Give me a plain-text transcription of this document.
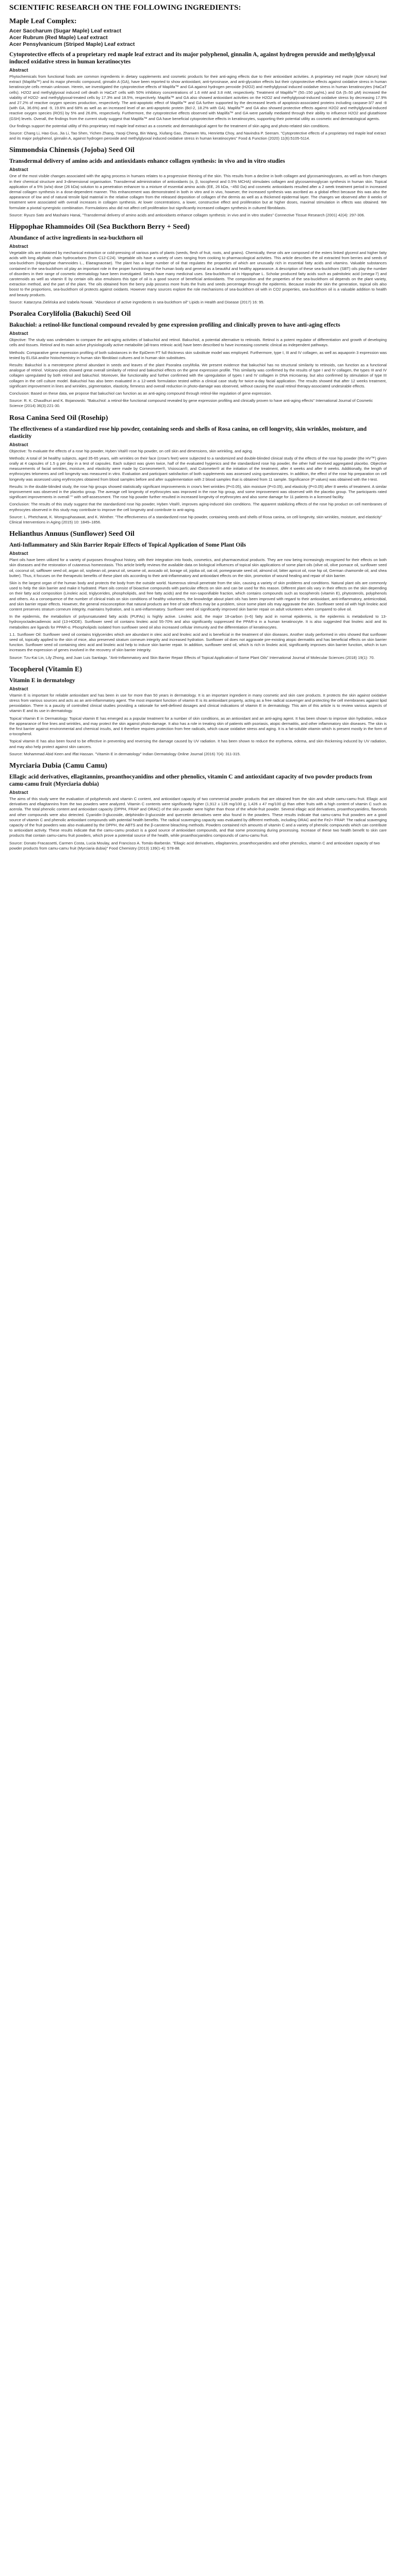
SCIENTIFIC RESEARCH ON THE FOLLOWING INGREDIENTS:
Maple Leaf Complex:
Acer Saccharum (Sugar Maple) Leaf extract
Acer Rubrum (Red Maple) Leaf extract
Acer Pensylvanicum (Striped Maple) Leaf extract
Cytoprotective effects of a proprietary red maple leaf extract and its major polyphenol, ginnalin A, against hydrogen peroxide and methylglyoxal induced oxidative stress in human keratinocytes
Abstract

Phytochemicals from functional foods are common ingredients in dietary supplements and cosmetic products for their anti-aging effects due to their antioxidant activities. A proprietary red maple (Acer rubrum) leaf extract (Maplifa™) and its major phenolic compound, ginnalin A (GA), have been reported to show antioxidant, anti-tyrosinase, and anti-glycation effects but their cytoprotective effects against oxidative stress in human keratinocyte cells remain unknown. Herein, we investigated the cytoprotective effects of Maplifa™ and GA against hydrogen peroxide (H2O2) and methylglyoxal induced oxidative stress in human keratinocytes (HaCaT cells). H2O2 and methylglyoxal induced cell death in HaCaT cells with 50% inhibitory concentrations of 1.6 mM and 3.8 mM, respectively. Treatment of Maplifa™ (50–150 μg/mL) and GA (5–50 μM) increased the viability of H2O2- and methylglyoxal-treated cells by 17.3% and 18.5%, respectively. Maplifa™ and GA also showed antioxidant activities on the H2O2 and methylglyoxal-induced oxidative stress by decreasing 17.9% and 27.2% of reactive oxygen species production, respectively. The anti-apoptotic effect of Maplifa™ and GA further supported by the decreased levels of apoptosis-associated proteins including caspase-3/7 and -8 (with GA, 36.6%) and -9, 19.6% and 68% as well as an increased level of an anti-apoptotic protein (Bcl-2, 18.2% with GA). Maplifa™ and GA also showed protective effects against H2O2 and methylglyoxal-induced reactive oxygen species (ROS) by 5% and 26.8%, respectively. Furthermore, the cytoprotective effects observed with Maplifa™ and GA were partially mediated through their ability to influence H2O2 and glutathione (GSH) levels. Overall, the findings from the current study suggest that Maplifa™ and GA have beneficial cytoprotective effects in keratinocytes, supporting their potential utility as cosmetic and dermatological agents.

Our findings support the potential utility of this proprietary red maple leaf extract as a cosmetic and dermatological agent for the treatment of skin aging and photo-related skin conditions.

Source: Chang Li, Hao Guo, Jia Li, Tao Shen, Yichen Zhang, Yaoqi Cheng, Bin Wang, Xiufang Gao, Zhanwen Wu, Henrietta Choy, and Navindra P. Seeram. "Cytoprotective effects of a proprietary red maple leaf extract and its major polyphenol, ginnalin A, against hydrogen peroxide and methylglyoxal induced oxidative stress in human keratinocytes" Food & Function (2020) 11(6):5105-5114.

Simmondsia Chinensis (Jojoba) Seed Oil
Transdermal delivery of amino acids and antioxidants enhance collagen synthesis: in vivo and in vitro studies
Abstract

One of the most visible changes associated with the aging process in humans relates to a progressive thinning of the skin. This results from a decline in both collagen and glycosaminoglycans, as well as from changes in their chemical structure and 3-dimensional organisation. Transdermal administration of antioxidants (α, β, tocopherol and 0.5% MCHA) stimulates collagen and glycosaminoglycan synthesis in human skin. Topical application of a 5% (w/w) dose (26 kDa) solution to a penetration enhancer to a mixture of essential amino acids (EE, 26 kDa, ~450 Da) and cosmetic antioxidants resulted after a 2 week treatment period in increased dermal collagen synthesis in a dose-dependent manner. This enhancement was demonstrated in both in vitro and in vivo, however, the increased synthesis was ascribed as a global effect because this was also the appearance of low and of natural tensile lipid material in the relative collagen from the released deposition of collagen of the dermis as well as a thickened epidermal layer. The changes we observed after 8 weeks of treatment were associated with overall increases in collagen synthesis. At lower concentrations, a lower, constructive effect and proliferation but at higher doses, maximal stimulation in effects was obtained. We formulate a pivotal synergistic combination. Formulations also did not affect cell proliferation but significantly increased collagen synthesis in cultured fibroblasts.

Source: Ryuzo Sato and Mashairo Hanai, "Transdermal delivery of amino acids and antioxidants enhance collagen synthesis: in vivo and in vitro studies" Connective Tissue Research (2001) 42(4): 297-306.

Hippophae Rhamnoides Oil (Sea Buckthorn Berry + Seed)
Abundance of active ingredients in sea-buckthorn oil
Abstract

Vegetable oils are obtained by mechanical extraction or cold-pressing of various parts of plants (seeds, flesh of fruit, roots, and grains). Chemically, these oils are composed of the esters linked glycerol and higher fatty acids with long aliphatic chain hydrocarbons (from C12-C24). Vegetable oils have a variety of uses ranging from cooking to pharmacological activities. This article describes the oil extracted from berries and seeds of sea-buckthorn (Hippophae rhamnoides L., Elaeagnaceae). The plant has a large number of oil that regulates the properties of which are unusually rich in essential fatty acids and vitamins. Valuable substances contained in the sea-buckthorn oil play an important role in the proper functioning of the human body and general as a beautiful and healthy appearance. A description of these sea-buckthorn (SBT) oils play the number of disorders in their range of cosmetic dermatology have been investigated. Seeds have many medicinal uses. Sea-buckthorn oil in Hippophae L. Scholar produced fatty acids such as palmitoleic acid (omega-7) and carotenoids as well as vitamin E by certain oils also emulsions this type of oil is a good source of beneficial antioxidants. The composition and the properties of the sea-buckthorn oil depends on the plant variety, extraction method, and the part of the plant. The oils obtained from the berry pulp possess more fruits the fruits and seeds percentage through the epidermis. Because inside the skin the generation, topical oils also boost to the proportions, sea-buckthorn oil protects against oxidants. However many sources explore the role mechanisms of sea-buckthorn oil with in CO2 properties, sea-buckthorn oil is a valuable addition to health and beauty products.

Source: Katarzyna Zielińska and Izabela Nowak. "Abundance of active ingredients in sea-buckthorn oil" Lipids in Health and Disease (2017) 16: 95.

Psoralea Corylifolia (Bakuchi) Seed Oil
Bakuchiol: a retinol-like functional compound revealed by gene expression profiling and clinically proven to have anti-aging effects
Abstract

Objective: The study was undertaken to compare the anti-aging activities of bakuchiol and retinol. Bakuchiol, a potential alternative to retinoids. Retinol is a potent regulator of differentiation and growth of developing cells and tissues. Retinol and its main active physiologically active metabolite (all-trans retinoic acid) have been described to have increasing cosmetic clinical as independent pathways.

Methods: Comparative gene expression profiling of both substances in the EpiDerm FT full thickness skin substitute model was employed. Furthermore, type I, III and IV collagen, as well as aquaporin 3 expression was tested by ELISA and/or histochemistry in human skin fibroblast cultures and in human skin substitutes.

Results: Bakuchiol is a meroterpene phenol abundant in seeds and leaves of the plant Psoralea corylifolia. We present evidence that bakuchiol has no structural similarity to retinoids, can function as a functional analogue of retinol. Volcano-plots showed great overall similarity of retinol and bakuchiol effects on the gene expression profile. This similarity was confirmed by the results of type I and IV collagen, the types III and IV collagen upregulated by both retinol and bakuchiol. Moreover, like functionality and further confirmed with the upregulation of types I and IV collagen in DNA microarray, but also confirmed by stimulation of type III collagen in the cell culture model. Bakuchiol has also been evaluated in a 12-week formulation tested within a clinical case study for twice-a-day facial application. The results showed that after 12 weeks treatment, significant improvement in lines and wrinkles, pigmentation, elasticity, firmness and overall reduction in photo-damage was observed, without causing the usual retinol therapy-associated undesirable effects.

Conclusion: Based on these data, we propose that bakuchiol can function as an anti-aging compound through retinol-like regulation of gene expression.

Source: R. K. Chaudhuri and K. Bojanowski. "Bakuchiol: a retinol-like functional compound revealed by gene expression profiling and clinically proven to have anti-aging effects" International Journal of Cosmetic Science (2014) 36(3):221-30.

Rosa Canina Seed Oil (Rosehip)
The effectiveness of a standardized rose hip powder, containing seeds and shells of Rosa canina, on cell longevity, skin wrinkles, moisture, and elasticity
Abstract

Objective: To evaluate the effects of a rose hip powder, Hyben Vital® rose hip powder, on cell skin and dimensions, skin wrinkling, and aging.

Methods: A total of 34 healthy subjects, aged 35-65 years, with wrinkles on their face (crow's feet) were subjected to a randomized and double-blinded clinical study of the effects of the rose hip powder (the HV™) given orally at 4 capsules of 1.5 g per day in a test of capsules. Each subject was given twice, half of the evaluated hygienics and the standardized rose hip powder, the other half received aggregated placebo. Objective measurements of facial wrinkles, moisture, and elasticity were made by Corneometer®, Visioscan®, and Cutometer® at the initiation of the treatment, after 4 weeks and after 8 weeks. Additionally, the length of erythrocytes telomeres and cell longevity was measured in vitro. Evaluation and participant satisfaction of both supplements was assessed using questionnaires. In addition, the effect of the rose hip preparation on cell longevity was assessed using erythrocytes obtained from blood samples before and after supplementation with 2 blood samples that is obtained from 11 sample. Significance (P values) was obtained with the t-test.

Results: In the double-blinded study, the rose hip groups showed statistically significant improvements in crow's feet wrinkles (P<0.05), skin moisture (P<0.05), and elasticity (P<0.05) after 8 weeks of treatment. A similar improvement was observed in the placebo group. The average cell longevity of erythrocytes was improved in the rose hip group, and some improvement was observed with the placebo group. The participants rated significant improvements in overall "" with self-assessment. The rose hip powder further resulted in increased longevity of erythrocytes and also some damage for 11 patients in a licensed facility.

Conclusion: The results of this study suggest that the standardized rose hip powder, Hyben Vital®, improves aging-induced skin conditions. The apparent stabilizing effects of the rose hip product on cell membranes of erythrocytes observed in this study may contribute to improve the cell longevity and contribute to anti-aging.

Source: L. Phetcharat, K. Wongsuphasawat, and K. Winther. "The effectiveness of a standardized rose hip powder, containing seeds and shells of Rosa canina, on cell longevity, skin wrinkles, moisture, and elasticity" Clinical Interventions in Aging (2015) 10: 1849–1856.

Helianthus Annuus (Sunflower) Seed Oil
Anti-Inflammatory and Skin Barrier Repair Effects of Topical Application of Some Plant Oils
Abstract

Plant oils have been utilized for a variety of purposes throughout history, with their integration into foods, cosmetics, and pharmaceutical products. They are now being increasingly recognized for their effects on both skin diseases and the restoration of cutaneous homeostasis. This article briefly reviews the available data on biological influences of topical skin applications of some plant oils (olive oil, olive pomace oil, sunflower seed oil, coconut oil, safflower seed oil, argan oil, soybean oil, peanut oil, sesame oil, avocado oil, borage oil, jojoba oil, oat oil, pomegranate seed oil, almond oil, bitter apricot oil, rose hip oil, German chamomile oil, and shea butter). Thus, it focuses on the therapeutic benefits of these plant oils according to their anti-inflammatory and antioxidant effects on the skin, promotion of wound healing and repair of skin barrier.

Skin is the largest organ of the human body and protects the body from the outside world. Numerous stimuli penetrate from the skin, causing a variety of skin problems and conditions. Natural plant oils are commonly used to help the skin barrier and make it hydrated. Plant oils consist of bioactive compounds with particular effects on skin and can be used for this reason. Different plant oils vary in their effects on the skin depending on their fatty acid composition (Linoleic acid, triglycerides, phospholipids, and free fatty acids) and the non-saponifiable fraction, which contains compounds such as tocopherols (vitamin E), phytosterols, polyphenols and others. As a consequence of the number of clinical trials on skin conditions of healthy volunteers, the knowledge about plant oils has been improved with regard to their antioxidant, anti-inflammatory, antimicrobial, and skin barrier repair effects. However, the general misconception that natural products are free of side effects may be a problem, since some plant oils may aggravate the skin. Sunflower seed oil with high linoleic acid content preserves stratum corneum integrity, maintains hydration, and is anti-inflammatory. Sunflower seed oil significantly improved skin barrier repair on adult volunteers when compared to olive oil.

In the epidermis, the metabolism of polyunsaturated fatty acids (PUFAs) is highly active. Linoleic acid, the major 18-carbon (n-6) fatty acid in normal epidermis, is the epidermis is metabolized to 13-hydroxyoctadecadienoic acid (13-HODE). Sunflower seed oil contains linoleic acid 55-70% and also significantly suppressed the PPAR-α in a human keratinocyte. It is also suggested that linoleic acid and its metabolites are ligands for PPAR-α. Phospholipids isolated from sunflower seed oil also increased cellular immunity and the differentiation of keratinocytes.

1.1. Sunflower Oil: Sunflower seed oil contains triglycerides which are abundant in oleic acid and linoleic acid and is beneficial in the treatment of skin diseases. Another study performed in vitro showed that sunflower seed oil, topically applied to the skin of mice, also preserved stratum corneum integrity and increased hydration. Sunflower oil does not aggravate pre-existing atopic dermatitis and has beneficial effects on skin barrier function. Sunflower seed oil containing oleic acid and linoleic acid help to induce skin barrier repair. In addition, sunflower seed oil, which is rich in linoleic acid, significantly improves skin barrier function, which in turn increases the expression of genes involved in the recovery of skin barrier integrity.

Source: Tzu-Kai Lin, Lily Zhong, and Juan Luis Santiago. "Anti-Inflammatory and Skin Barrier Repair Effects of Topical Application of Some Plant Oils" International Journal of Molecular Sciences (2018) 19(1): 70.

Tocopherol (Vitamin E)
Vitamin E in dermatology
Abstract

Vitamin E is important for reliable antioxidant and has been in use for more than 50 years in dermatology. It is an important ingredient in many cosmetic and skin care products. It protects the skin against oxidative stress from various sources and acts as an anti-inflammatory agent. The most important function of vitamin E is its antioxidant property, acting as a free radical scavenger and protecting the cell membranes against lipid peroxidation. There is a paucity of controlled clinical studies providing a rationale for well-defined dosages and clinical indications of vitamin E in dermatology. This aim of this article is to review various aspects of vitamin E and its use in dermatology.

Topical Vitamin E in Dermatology: Topical vitamin E has emerged as a popular treatment for a number of skin conditions, as an antioxidant and an anti-aging agent. It has been shown to improve skin hydration, reduce the appearance of fine lines and wrinkles, and may protect the skin against photo-damage. It also has a role in treating skin of patients with psoriasis, atopic dermatitis, and other inflammatory skin diseases. The skin is the first barrier against environmental and chemical insults, and it therefore requires protection from free radicals, which cause oxidative stress and aging. It is a fat-soluble vitamin which is present mostly in the form of α-tocopherol.

Topical vitamin E has also been found to be effective in preventing and reversing the damage caused by UV radiation. It has been shown to reduce the erythema, edema, and skin thickening induced by UV radiation, and may also help protect against skin cancers.

Source: Mohammad Abid Keen and Iffat Hassan. "Vitamin E in dermatology" Indian Dermatology Online Journal (2016) 7(4): 311-315.

Myrciaria Dubia (Camu Camu)
Ellagic acid derivatives, ellagitannins, proanthocyanidins and other phenolics, vitamin C and antioxidant capacity of two powder products from camu-camu fruit (Myrciaria dubia)
Abstract

The aims of this study were the evaluation of polyphenols and vitamin C content, and antioxidant capacity of two commercial powder products that are obtained from the skin and whole camu-camu fruit. Ellagic acid derivatives and ellagitannins from the two powders were analyzed. Vitamin C contents were significantly higher (1,912 ± 126 mg/100 g; 1,426 ± 47 mg/100 g) than other fruits with a high content of vitamin C such as acerola. The total phenolic content and antioxidant capacity (DPPH, FRAP and ORAC) of the skin powder were higher than those of the whole-fruit powder. Several ellagic acid derivatives, proanthocyanidins, flavonols and other compounds were also detected. Cyanidin-3-glucoside, delphinidin-3-glucoside and quercetin derivatives were also found in the powders. These results indicate that camu-camu fruit powders are a good source of vitamin C and phenolic antioxidant compounds with potential health benefits. The radical scavenging capacity was evaluated by different methods, including ORAC and the Fe2+ FRAP. The radical scavenging capacity of the fruit powders was also evaluated by the DPPH, the ABTS and the β-carotene bleaching methods. Powders contained rich amounts of vitamin C and a variety of phenolic compounds which can contribute to antioxidant activity. These results indicate that the camu-camu product is a good source of antioxidant compounds, and that some processing during processing. Increase of these two health benefit to skin care products that contain camu-camu fruit powders, which prove a potential source of the health, while proanthocyanidins compounds of camu-camu fruit.

Source: Donato Fracassetti, Carmen Costa, Lucia Moulay, and Francisco A. Tomás-Barberán. "Ellagic acid derivatives, ellagitannins, proanthocyanidins and other phenolics, vitamin C and antioxidant capacity of two powder products from camu-camu fruit (Myrciaria dubia)" Food Chemistry (2013) 139(1-4): 578-88.
